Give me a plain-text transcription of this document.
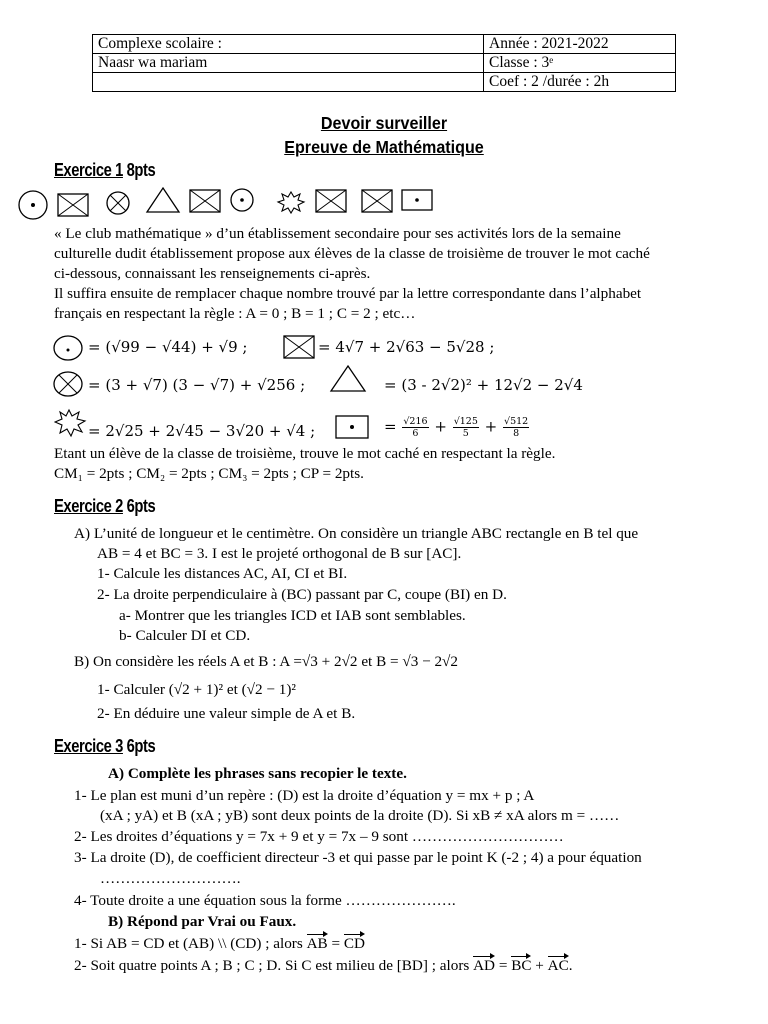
Complexe scolaire :	Année : 2021-2022
Naasr wa mariam	Classe : 3ᵉ
	Coef : 2 /durée : 2h
Devoir surveiller
Epreuve de Mathématique
Exercice 1 8pts
« Le club mathématique » d’un établissement secondaire pour ses activités lors de la semaine
culturelle dudit établissement propose aux élèves de la classe de troisième de trouver le mot caché
ci-dessous, connaissant les renseignements ci-après.
Il suffira ensuite de remplacer chaque nombre trouvé par la lettre correspondante dans l’alphabet
français en respectant la règle : A = 0 ; B = 1 ; C = 2 ; etc…
= (√99 − √44) + √9 ;	= 4√7 + 2√63 − 5√28 ;
= (3 + √7) (3 − √7) + √256 ;	= (3 - 2√2)² + 12√2 − 2√4
= 2√25 + 2√45 − 3√20 + √4 ;	= $\frac{√216}{6} + \frac{√125}{5} + \frac{√512}{8}$
Etant un élève de la classe de troisième, trouve le mot caché en respectant la règle.
CM₁ = 2pts ; CM₂ = 2pts ; CM₃ = 2pts ; CP = 2pts.
Exercice 2 6pts
A) L’unité de longueur et le centimètre. On considère un triangle ABC rectangle en B tel que
AB = 4 et BC = 3. I est le projeté orthogonal de B sur [AC].
1- Calcule les distances AC, AI, CI et BI.
2- La droite perpendiculaire à (BC) passant par C, coupe (BI) en D.
a- Montrer que les triangles ICD et IAB sont semblables.
b- Calculer DI et CD.
B) On considère les réels A et B : A =√3 + 2√2 et B = √3 − 2√2
1- Calculer (√2 + 1)² et (√2 − 1)²
2- En déduire une valeur simple de A et B.
Exercice 3 6pts
A) Complète les phrases sans recopier le texte.
1- Le plan est muni d’un repère : (D) est la droite d’équation y = mx + p ; A
(xA ; yA) et B (xA ; yB) sont deux points de la droite (D). Si xB ≠ xA alors m = ……
2- Les droites d’équations y = 7x + 9 et y = 7x – 9 sont …………………………
3- La droite (D), de coefficient directeur -3 et qui passe par le point K (-2 ; 4) a pour équation
……………………….
4- Toute droite a une équation sous la forme ………………….
B) Répond par Vrai ou Faux.
1- Si AB = CD et (AB) \\ (CD) ; alors AB = CD
2- Soit quatre points A ; B ; C ; D. Si C est milieu de [BD] ; alors AD = BC + AC.
